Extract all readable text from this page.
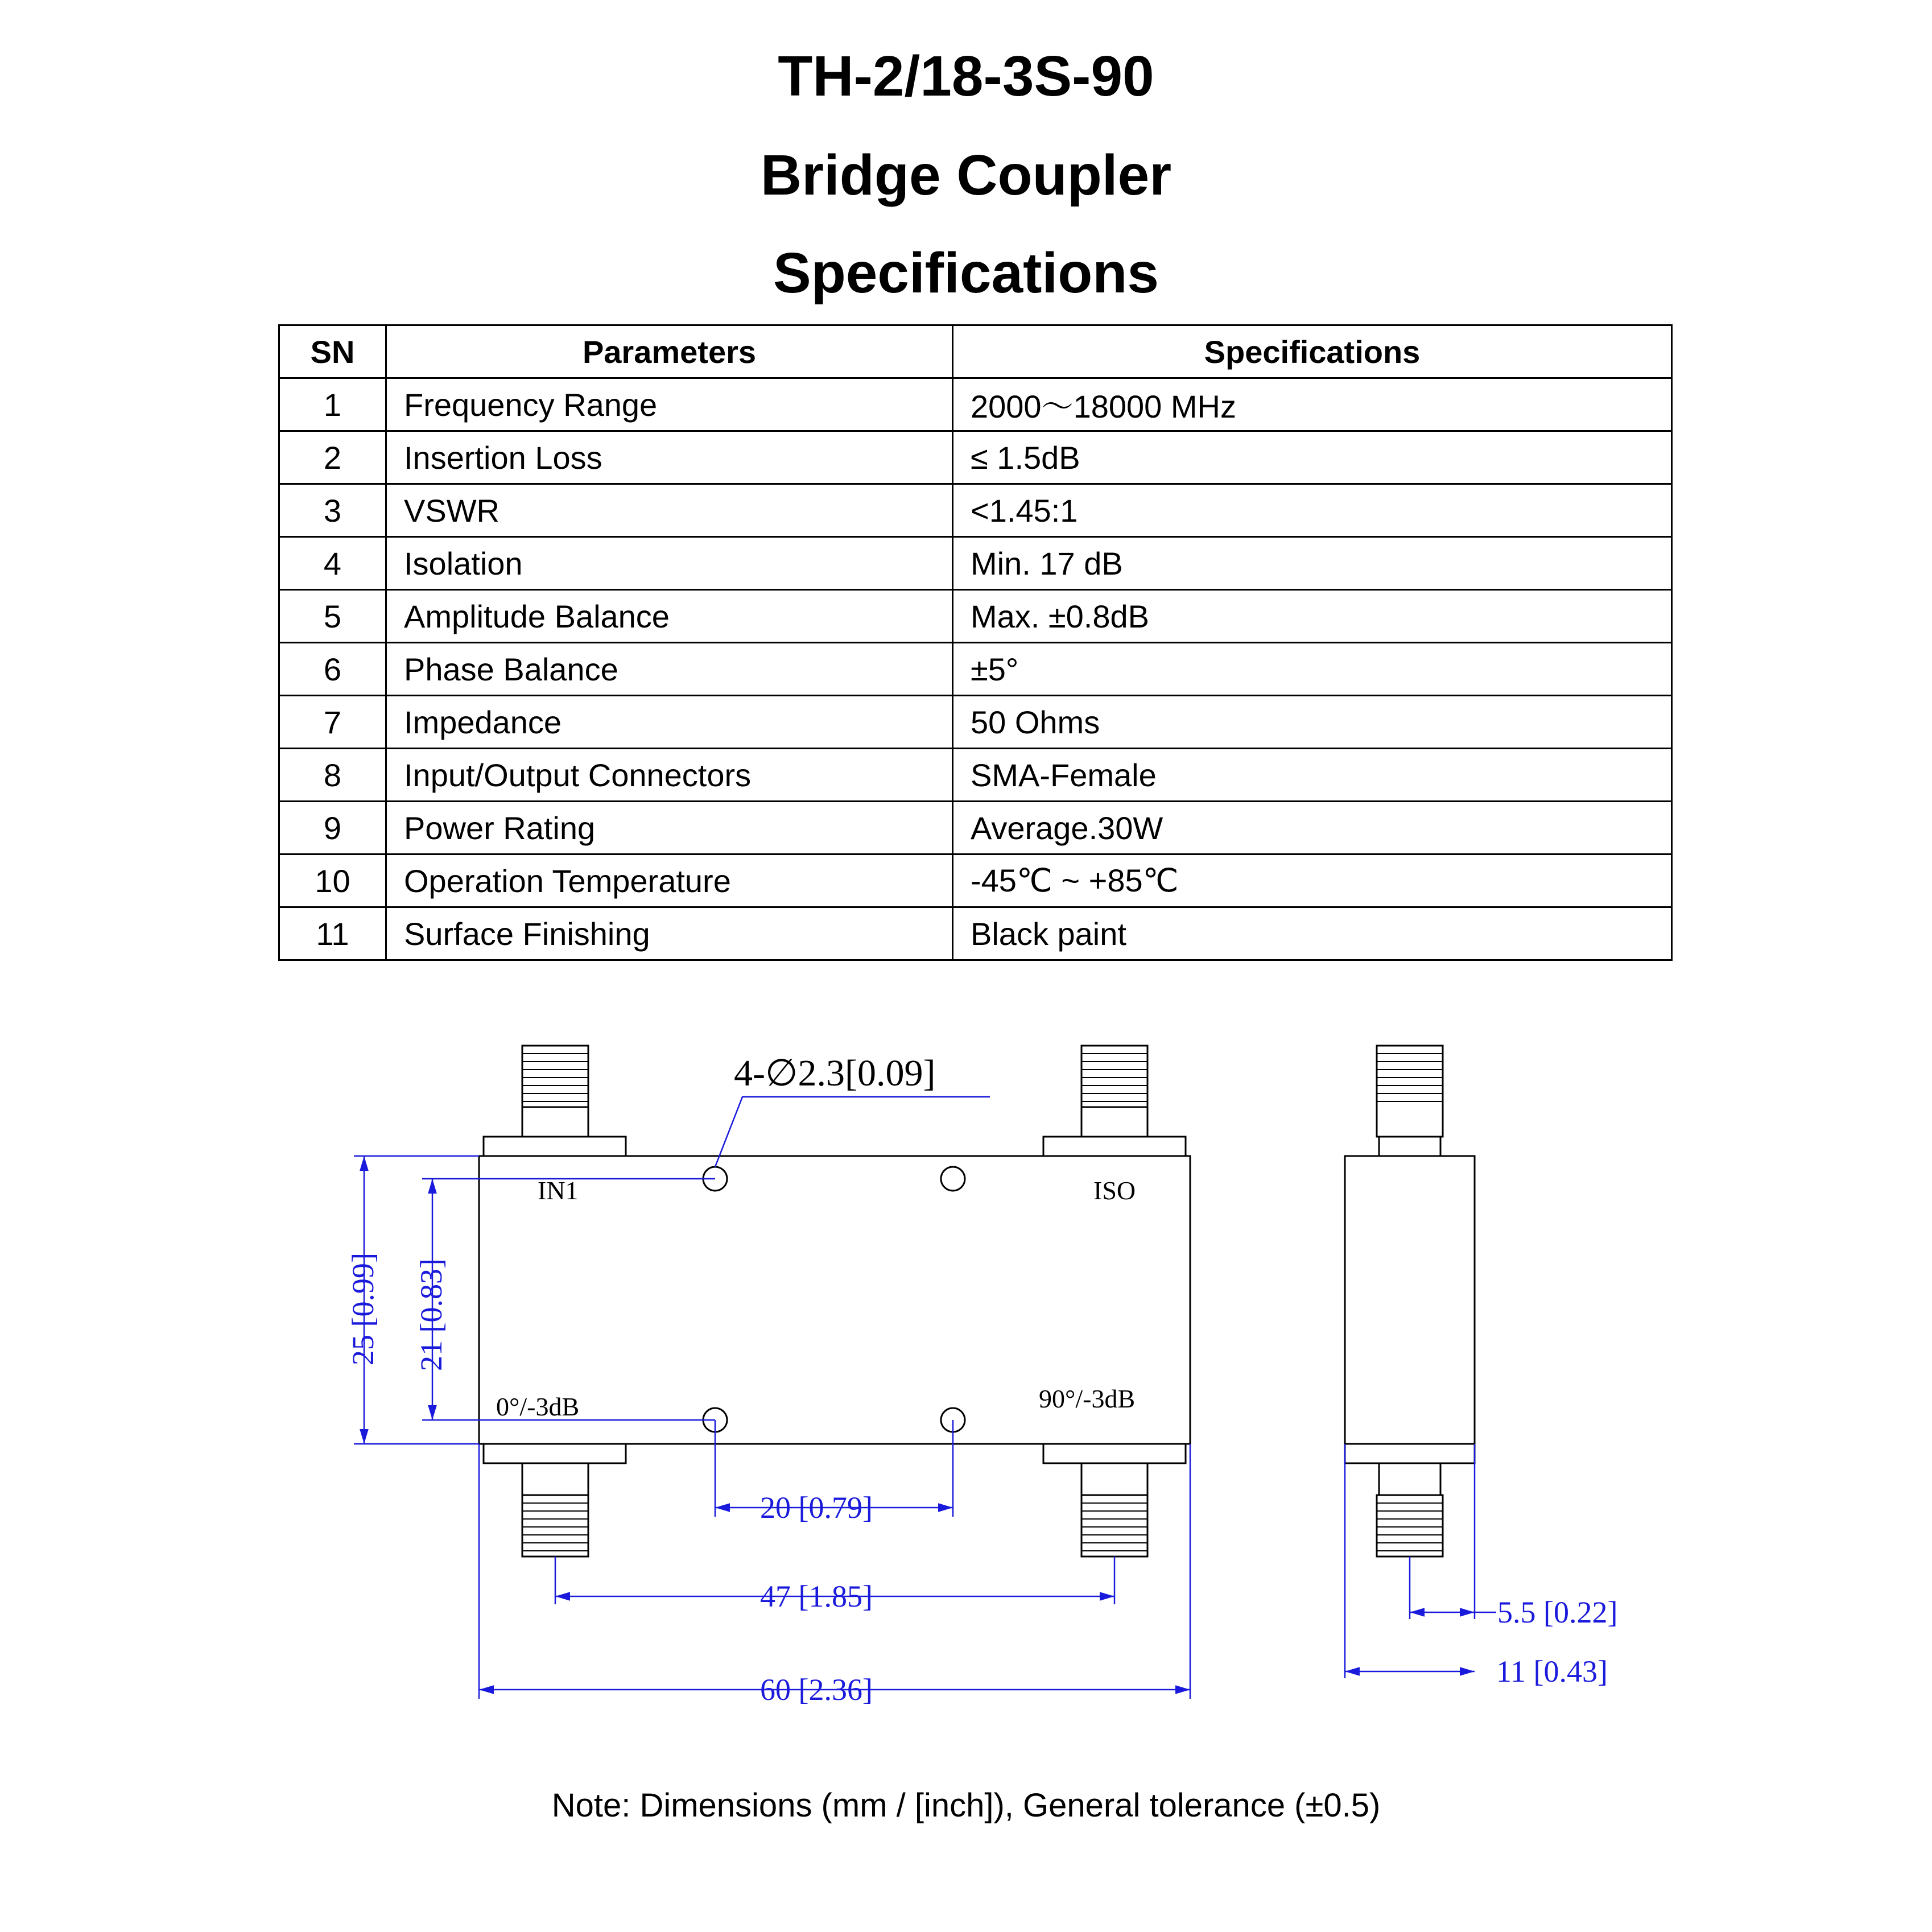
TH-2/18-3S-90
Bridge Coupler
Specifications
SN	Parameters	Specifications
1	Frequency Range	2000～18000 MHz
2	Insertion Loss	≤ 1.5dB
3	VSWR	<1.45:1
4	Isolation	Min. 17 dB
5	Amplitude Balance	Max. ±0.8dB
6	Phase Balance	±5°
7	Impedance	50 Ohms
8	Input/Output Connectors	SMA-Female
9	Power Rating	Average.30W
10	Operation Temperature	-45℃ ~ +85℃
11	Surface Finishing	Black paint
4-∅2.3[0.09]
IN1	ISO
0°/-3dB	90°/-3dB
25 [0.99] 21 [0.83]
20 [0.79]
47 [1.85]
60 [2.36]
5.5 [0.22]
11 [0.43]
Note: Dimensions (mm / [inch]), General tolerance (±0.5)
